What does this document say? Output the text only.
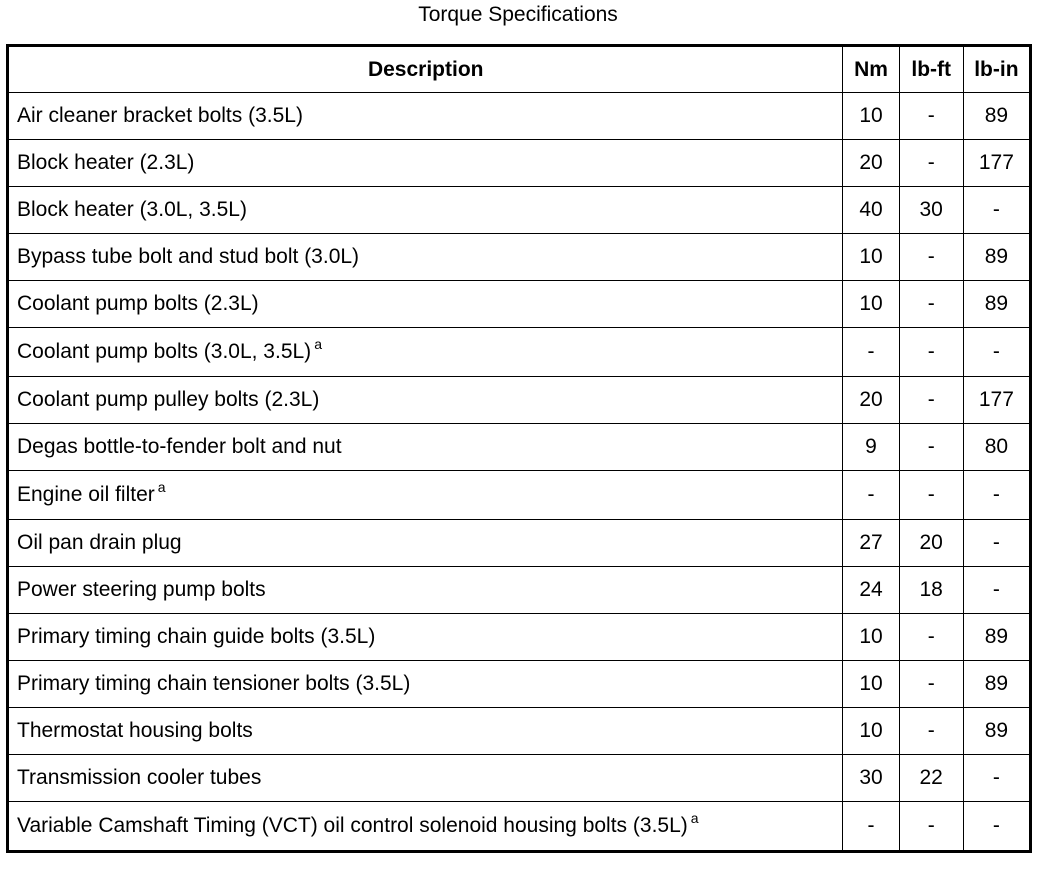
Torque Specifications
Description	Nm	lb-ft	lb-in
Air cleaner bracket bolts (3.5L)	10	-	89
Block heater (2.3L)	20	-	177
Block heater (3.0L, 3.5L)	40	30	-
Bypass tube bolt and stud bolt (3.0L)	10	-	89
Coolant pump bolts (2.3L)	10	-	89
Coolant pump bolts (3.0L, 3.5L) $^a$	-	-	-
Coolant pump pulley bolts (2.3L)	20	-	177
Degas bottle-to-fender bolt and nut	9	-	80
Engine oil filter $^a$	-	-	-
Oil pan drain plug	27	20	-
Power steering pump bolts	24	18	-
Primary timing chain guide bolts (3.5L)	10	-	89
Primary timing chain tensioner bolts (3.5L)	10	-	89
Thermostat housing bolts	10	-	89
Transmission cooler tubes	30	22	-
Variable Camshaft Timing (VCT) oil control solenoid housing bolts (3.5L) $^a$	-	-	-
